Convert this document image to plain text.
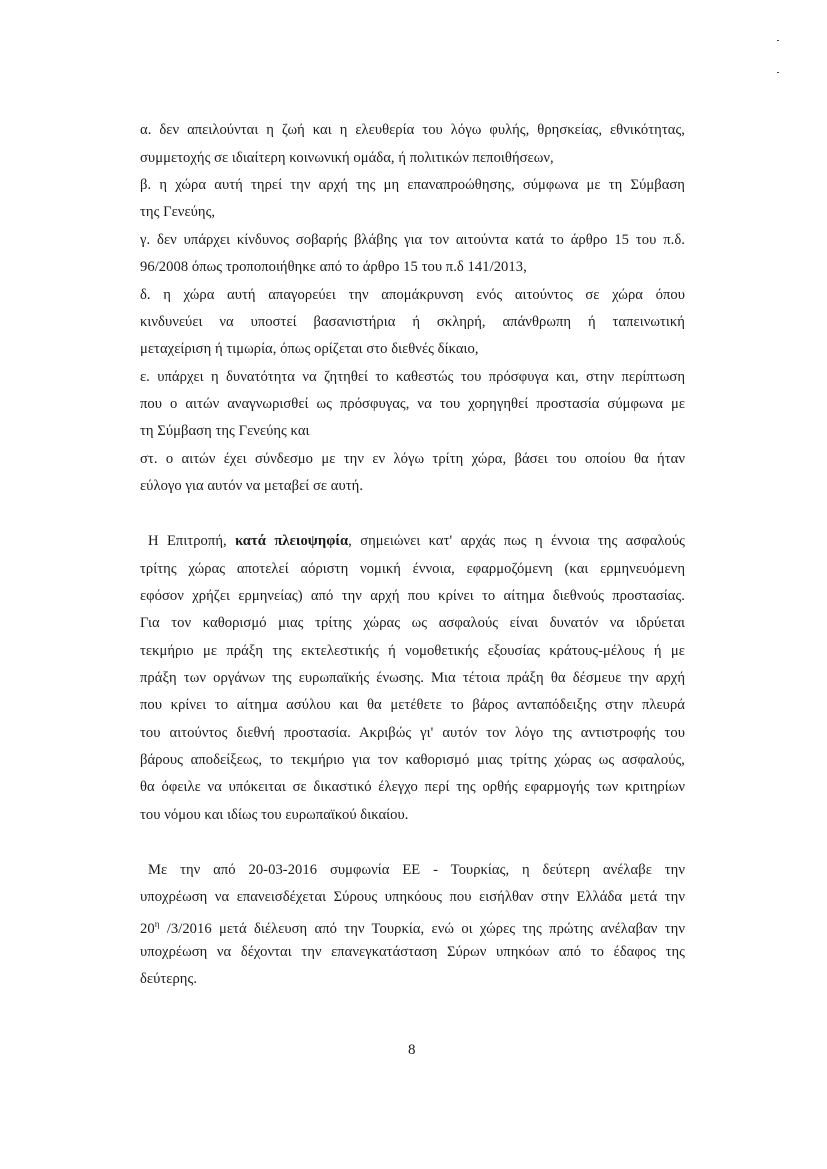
α. δεν απειλούνται η ζωή και η ελευθερία του λόγω φυλής, θρησκείας, εθνικότητας,

συμμετοχής σε ιδιαίτερη κοινωνική ομάδα, ή πολιτικών πεποιθήσεων,

β. η χώρα αυτή τηρεί την αρχή της μη επαναπροώθησης, σύμφωνα με τη Σύμβαση

της Γενεύης,

γ. δεν υπάρχει κίνδυνος σοβαρής βλάβης για τον αιτούντα κατά το άρθρο 15 του π.δ.

96/2008 όπως τροποποιήθηκε από το άρθρο 15 του π.δ 141/2013,

δ. η χώρα αυτή απαγορεύει την απομάκρυνση ενός αιτούντος σε χώρα όπου

κινδυνεύει να υποστεί βασανιστήρια ή σκληρή, απάνθρωπη ή ταπεινωτική

μεταχείριση ή τιμωρία, όπως ορίζεται στο διεθνές δίκαιο,

ε. υπάρχει η δυνατότητα να ζητηθεί το καθεστώς του πρόσφυγα και, στην περίπτωση

που ο αιτών αναγνωρισθεί ως πρόσφυγας, να του χορηγηθεί προστασία σύμφωνα με

τη Σύμβαση της Γενεύης και

στ. ο αιτών έχει σύνδεσμο με την εν λόγω τρίτη χώρα, βάσει του οποίου θα ήταν

εύλογο για αυτόν να μεταβεί σε αυτή.

Η Επιτροπή, κατά πλειοψηφία, σημειώνει κατ' αρχάς πως η έννοια της ασφαλούς

τρίτης χώρας αποτελεί αόριστη νομική έννοια, εφαρμοζόμενη (και ερμηνευόμενη

εφόσον χρήζει ερμηνείας) από την αρχή που κρίνει το αίτημα διεθνούς προστασίας.

Για τον καθορισμό μιας τρίτης χώρας ως ασφαλούς είναι δυνατόν να ιδρύεται

τεκμήριο με πράξη της εκτελεστικής ή νομοθετικής εξουσίας κράτους-μέλους ή με

πράξη των οργάνων της ευρωπαϊκής ένωσης. Μια τέτοια πράξη θα δέσμευε την αρχή

που κρίνει το αίτημα ασύλου και θα μετέθετε το βάρος ανταπόδειξης στην πλευρά

του αιτούντος διεθνή προστασία. Ακριβώς γι' αυτόν τον λόγο της αντιστροφής του

βάρους αποδείξεως, το τεκμήριο για τον καθορισμό μιας τρίτης χώρας ως ασφαλούς,

θα όφειλε να υπόκειται σε δικαστικό έλεγχο περί της ορθής εφαρμογής των κριτηρίων

του νόμου και ιδίως του ευρωπαϊκού δικαίου.

Με την από 20-03-2016 συμφωνία ΕΕ - Τουρκίας, η δεύτερη ανέλαβε την

υποχρέωση να επανεισδέχεται Σύρους υπηκόους που εισήλθαν στην Ελλάδα μετά την

$20^\eta$ /3/2016 μετά διέλευση από την Τουρκία, ενώ οι χώρες της πρώτης ανέλαβαν την

υποχρέωση να δέχονται την επανεγκατάσταση Σύρων υπηκόων από το έδαφος της

δεύτερης.

8
